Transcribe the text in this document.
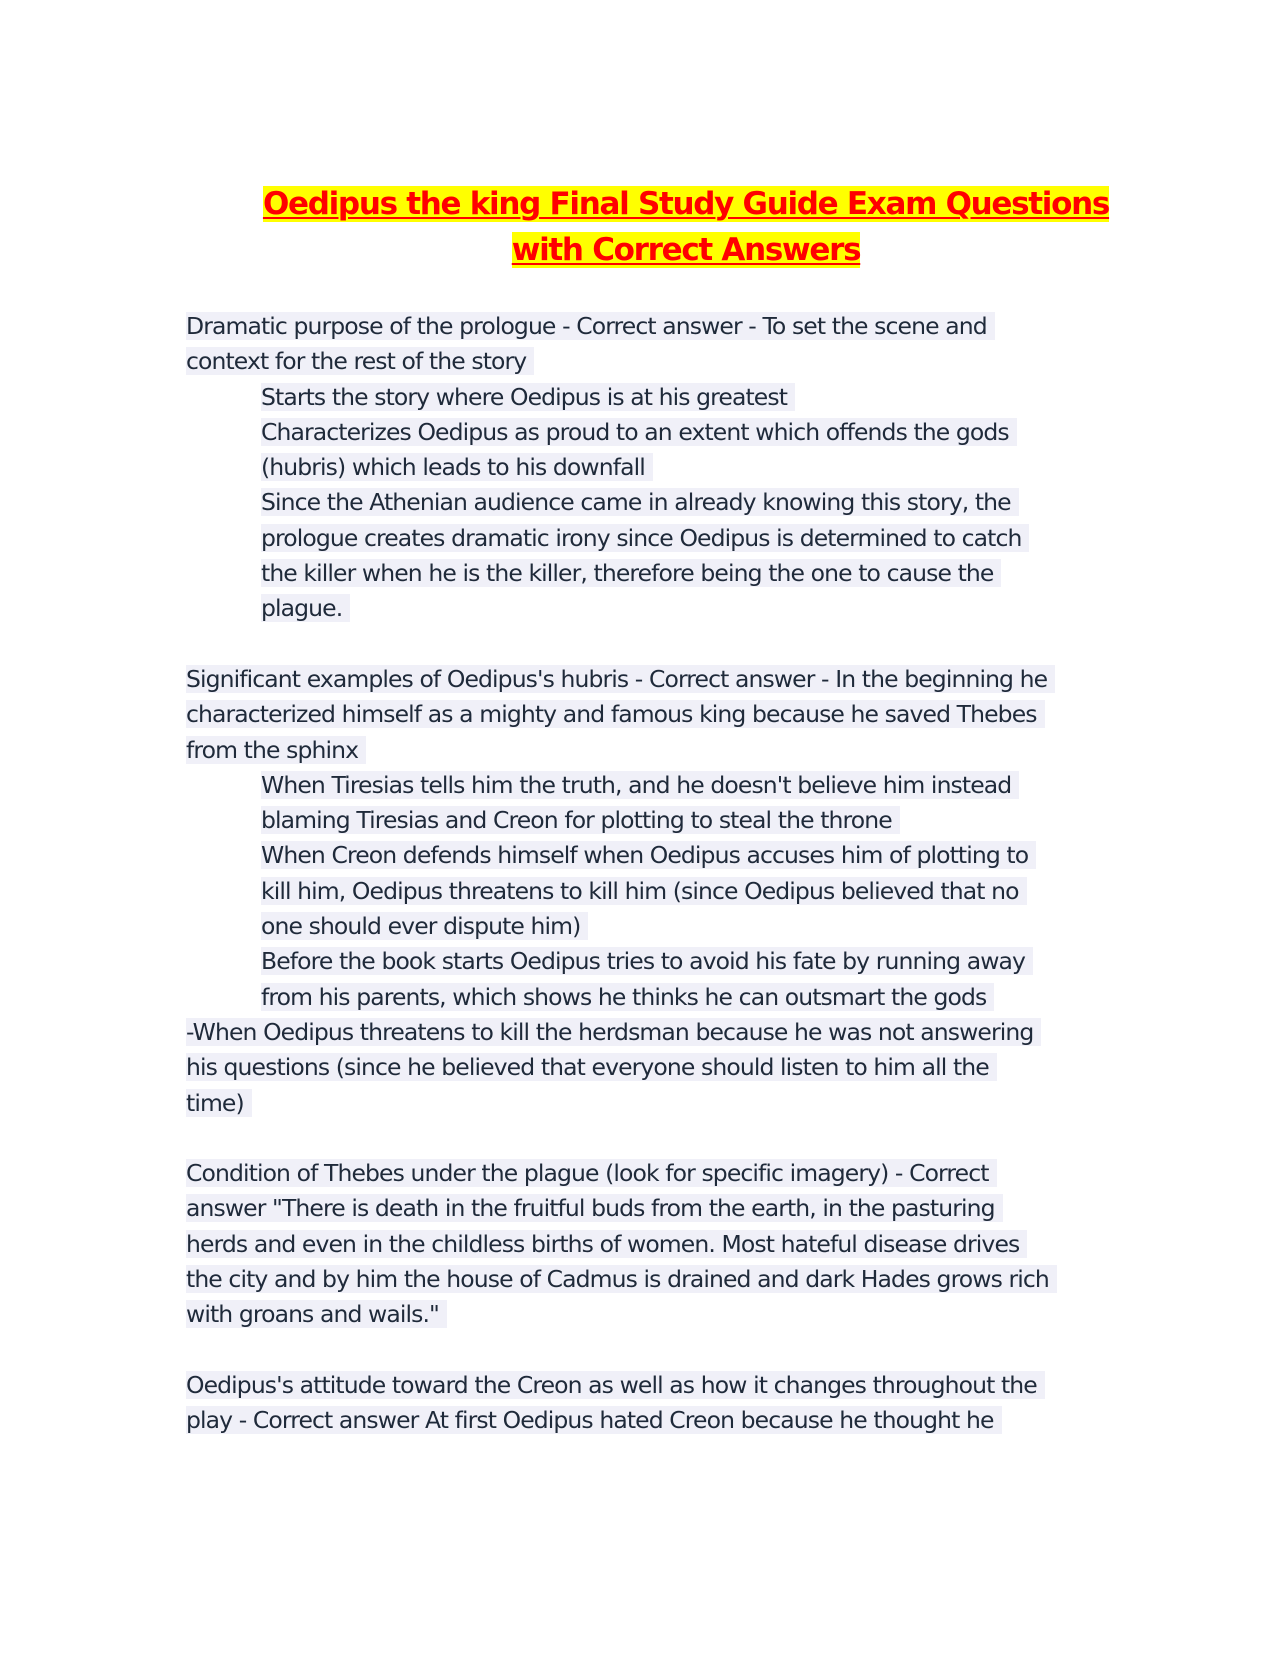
Oedipus the king Final Study Guide Exam Questions
with Correct Answers
Dramatic purpose of the prologue - Correct answer - To set the scene and
context for the rest of the story
Starts the story where Oedipus is at his greatest
Characterizes Oedipus as proud to an extent which offends the gods
(hubris) which leads to his downfall
Since the Athenian audience came in already knowing this story, the
prologue creates dramatic irony since Oedipus is determined to catch
the killer when he is the killer, therefore being the one to cause the
plague.
Significant examples of Oedipus's hubris - Correct answer - In the beginning he
characterized himself as a mighty and famous king because he saved Thebes
from the sphinx
When Tiresias tells him the truth, and he doesn't believe him instead
blaming Tiresias and Creon for plotting to steal the throne
When Creon defends himself when Oedipus accuses him of plotting to
kill him, Oedipus threatens to kill him (since Oedipus believed that no
one should ever dispute him)
Before the book starts Oedipus tries to avoid his fate by running away
from his parents, which shows he thinks he can outsmart the gods
-When Oedipus threatens to kill the herdsman because he was not answering
his questions (since he believed that everyone should listen to him all the
time)
Condition of Thebes under the plague (look for specific imagery) - Correct
answer "There is death in the fruitful buds from the earth, in the pasturing
herds and even in the childless births of women. Most hateful disease drives
the city and by him the house of Cadmus is drained and dark Hades grows rich
with groans and wails."
Oedipus's attitude toward the Creon as well as how it changes throughout the
play - Correct answer At first Oedipus hated Creon because he thought he
